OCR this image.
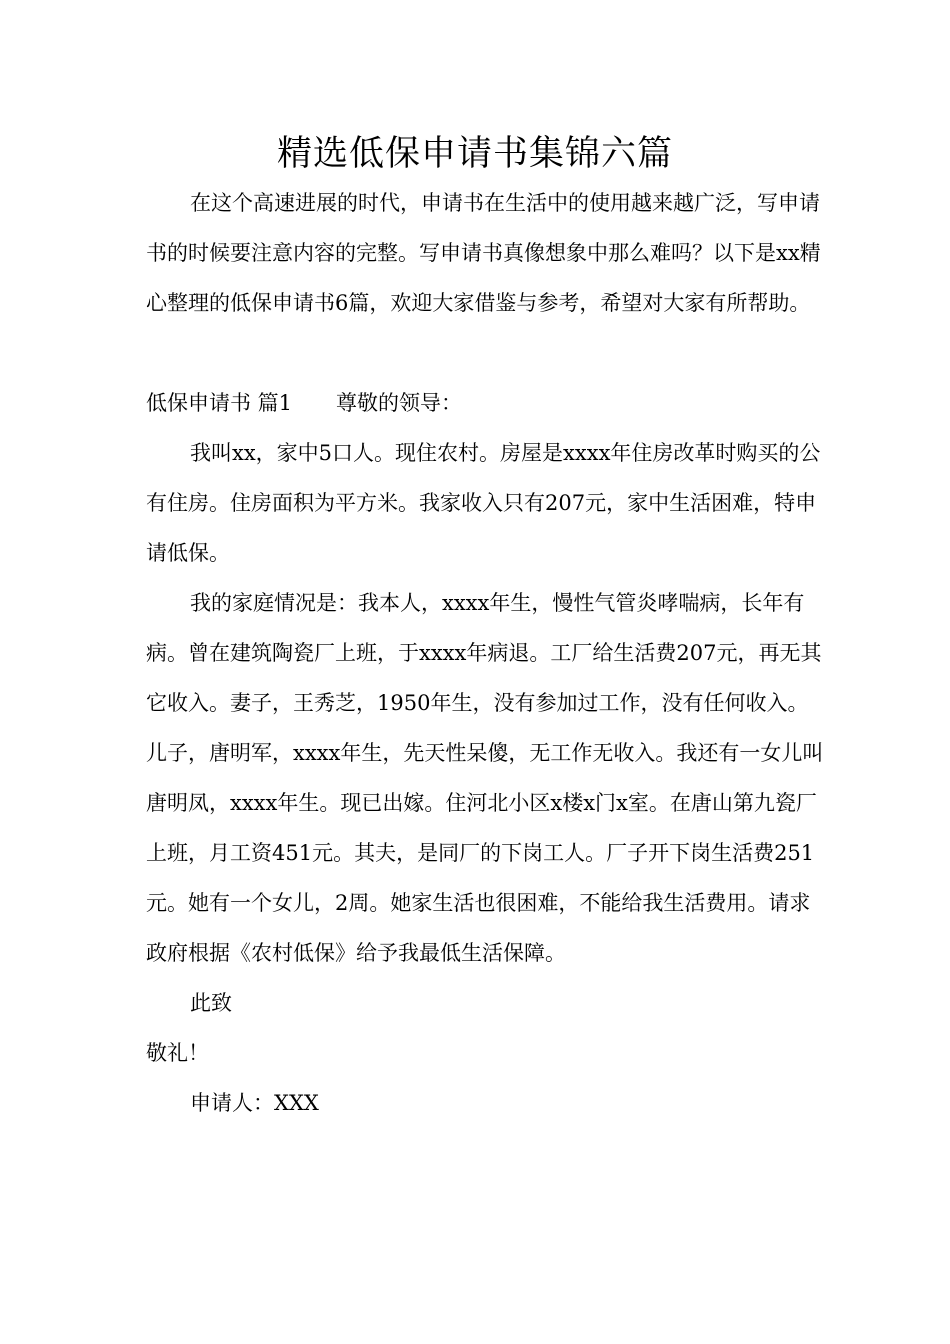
精选低保申请书集锦六篇

在这个高速进展的时代，申请书在生活中的使用越来越广泛，写申请书的时候要注意内容的完整。写申请书真像想象中那么难吗？以下是xx精心整理的低保申请书6篇，欢迎大家借鉴与参考，希望对大家有所帮助。

低保申请书 篇1 尊敬的领导：

我叫xx，家中5口人。现住农村。房屋是xxxx年住房改革时购买的公有住房。住房面积为平方米。我家收入只有207元，家中生活困难，特申请低保。

我的家庭情况是：我本人，xxxx年生，慢性气管炎哮喘病，长年有病。曾在建筑陶瓷厂上班，于xxxx年病退。工厂给生活费207元，再无其它收入。妻子，王秀芝，1950年生，没有参加过工作，没有任何收入。儿子，唐明军，xxxx年生，先天性呆傻，无工作无收入。我还有一女儿叫唐明凤，xxxx年生。现已出嫁。住河北小区x楼x门x室。在唐山第九瓷厂上班，月工资451元。其夫，是同厂的下岗工人。厂子开下岗生活费251元。她有一个女儿，2周。她家生活也很困难，不能给我生活费用。请求政府根据《农村低保》给予我最低生活保障。

此致

敬礼！

申请人：XXX
